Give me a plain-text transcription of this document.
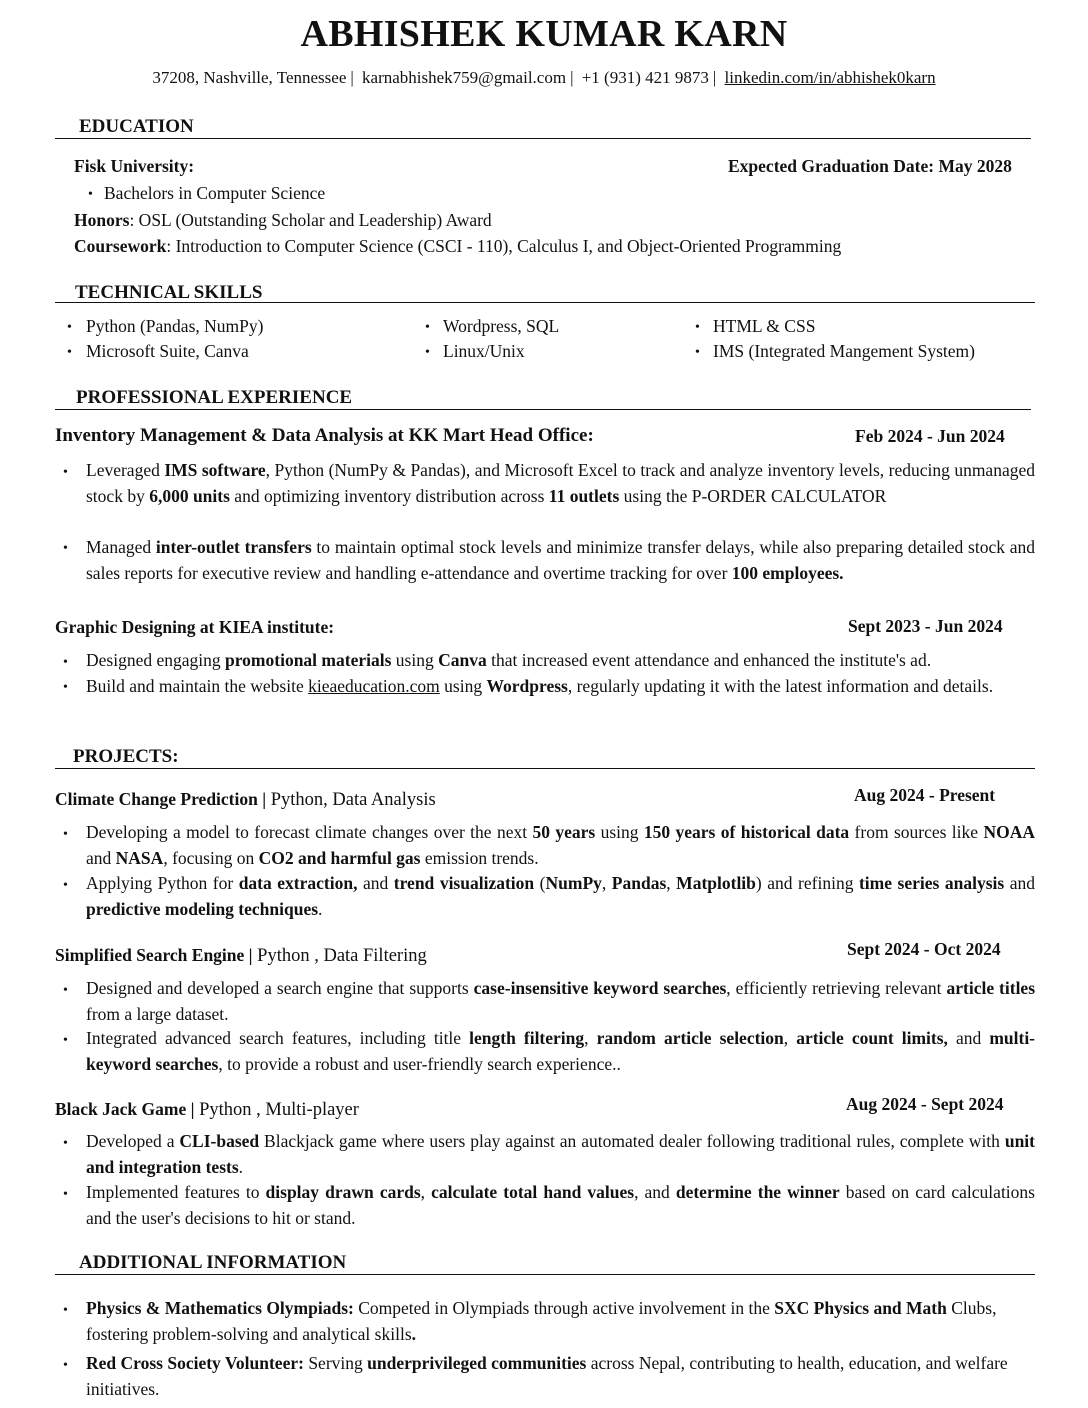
ABHISHEK KUMAR KARN
37208, Nashville, Tennessee | karnabhishek759@gmail.com | +1 (931) 421 9873 | linkedin.com/in/abhishek0karn
EDUCATION
Fisk University:	Expected Graduation Date: May 2028
• Bachelors in Computer Science
Honors: OSL (Outstanding Scholar and Leadership) Award
Coursework: Introduction to Computer Science (CSCI - 110), Calculus I, and Object-Oriented Programming
TECHNICAL SKILLS
• Python (Pandas, NumPy)	• Wordpress, SQL	• HTML & CSS
• Microsoft Suite, Canva	• Linux/Unix	• IMS (Integrated Mangement System)
PROFESSIONAL EXPERIENCE
Inventory Management & Data Analysis at KK Mart Head Office:	Feb 2024 - Jun 2024
• Leveraged IMS software, Python (NumPy & Pandas), and Microsoft Excel to track and analyze inventory levels, reducing unmanaged stock by 6,000 units and optimizing inventory distribution across 11 outlets using the P-ORDER CALCULATOR
• Managed inter-outlet transfers to maintain optimal stock levels and minimize transfer delays, while also preparing detailed stock and sales reports for executive review and handling e-attendance and overtime tracking for over 100 employees.
Graphic Designing at KIEA institute:	Sept 2023 - Jun 2024
• Designed engaging promotional materials using Canva that increased event attendance and enhanced the institute's ad.
• Build and maintain the website kieaeducation.com using Wordpress, regularly updating it with the latest information and details.
PROJECTS:
Climate Change Prediction | Python, Data Analysis	Aug 2024 - Present
• Developing a model to forecast climate changes over the next 50 years using 150 years of historical data from sources like NOAA and NASA, focusing on CO2 and harmful gas emission trends.
• Applying Python for data extraction, and trend visualization (NumPy, Pandas, Matplotlib) and refining time series analysis and predictive modeling techniques.
Simplified Search Engine | Python , Data Filtering	Sept 2024 - Oct 2024
• Designed and developed a search engine that supports case-insensitive keyword searches, efficiently retrieving relevant article titles from a large dataset.
• Integrated advanced search features, including title length filtering, random article selection, article count limits, and multi-keyword searches, to provide a robust and user-friendly search experience..
Black Jack Game | Python , Multi-player	Aug 2024 - Sept 2024
• Developed a CLI-based Blackjack game where users play against an automated dealer following traditional rules, complete with unit and integration tests.
• Implemented features to display drawn cards, calculate total hand values, and determine the winner based on card calculations and the user's decisions to hit or stand.
ADDITIONAL INFORMATION
• Physics & Mathematics Olympiads: Competed in Olympiads through active involvement in the SXC Physics and Math Clubs, fostering problem-solving and analytical skills.
• Red Cross Society Volunteer: Serving underprivileged communities across Nepal, contributing to health, education, and welfare initiatives.
